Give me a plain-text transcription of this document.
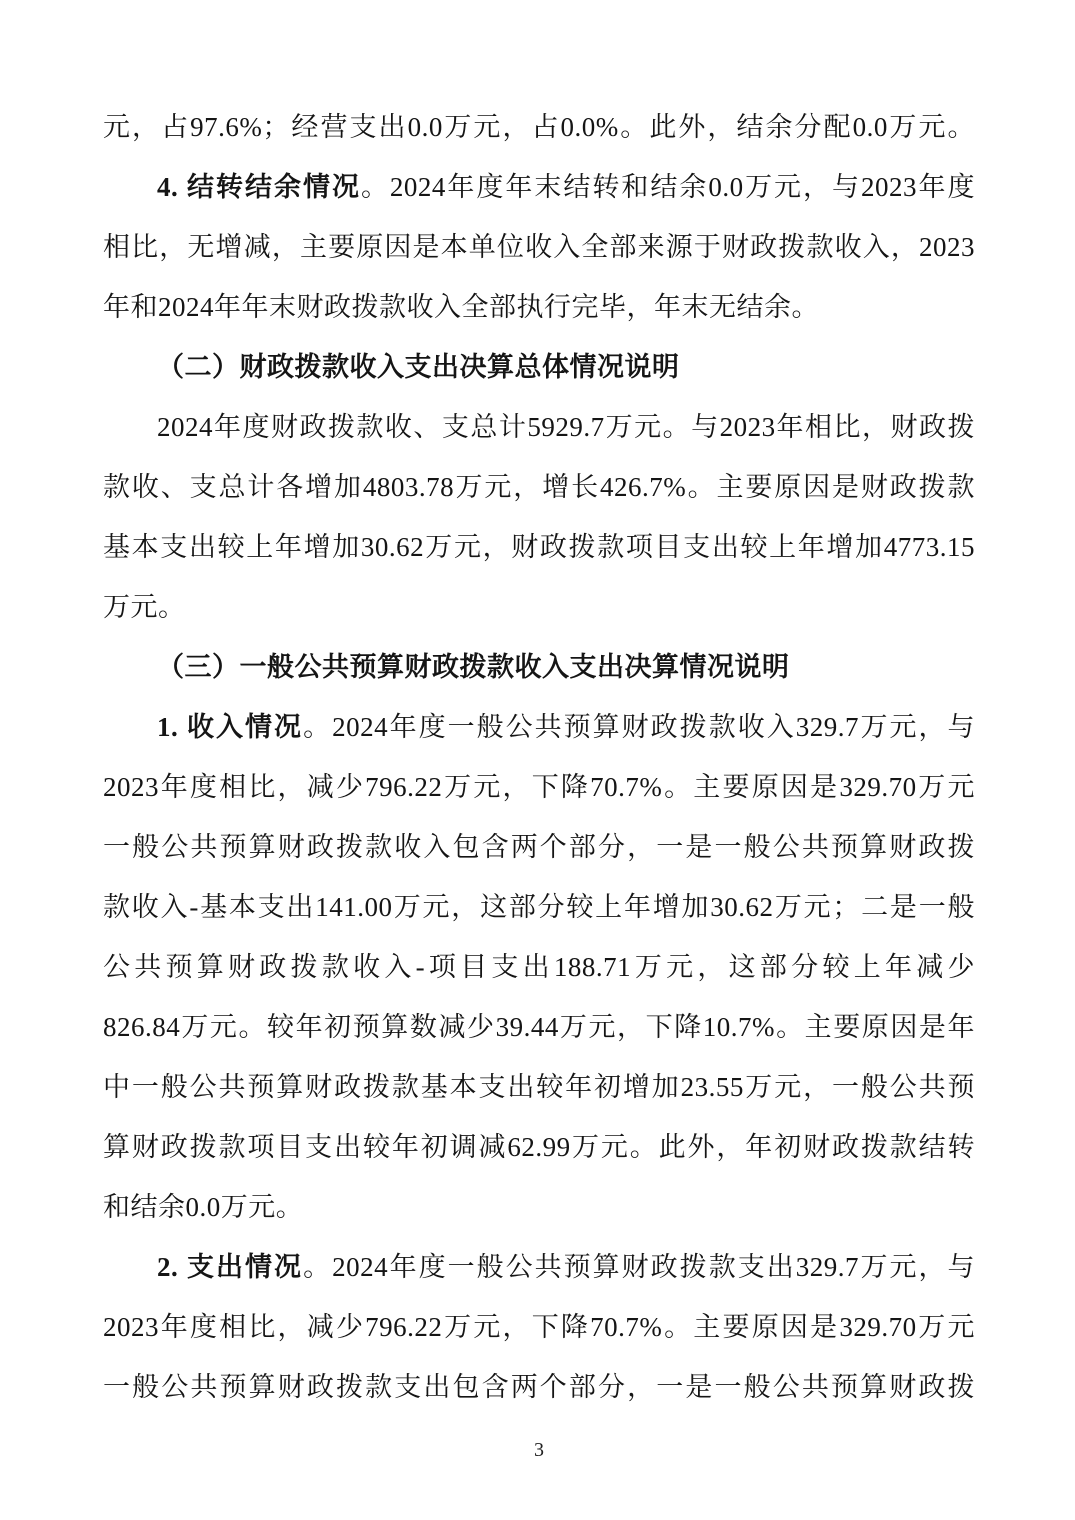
元，占97.6%；经营支出0.0万元，占0.0%。此外，结余分配0.0万元。
4. 结转结余情况。2024年度年末结转和结余0.0万元，与2023年度
相比，无增减，主要原因是本单位收入全部来源于财政拨款收入，2023
年和2024年年末财政拨款收入全部执行完毕，年末无结余。
（二）财政拨款收入支出决算总体情况说明
2024年度财政拨款收、支总计5929.7万元。与2023年相比，财政拨
款收、支总计各增加4803.78万元，增长426.7%。主要原因是财政拨款
基本支出较上年增加30.62万元，财政拨款项目支出较上年增加4773.15
万元。
（三）一般公共预算财政拨款收入支出决算情况说明
1. 收入情况。2024年度一般公共预算财政拨款收入329.7万元，与
2023年度相比，减少796.22万元，下降70.7%。主要原因是329.70万元
一般公共预算财政拨款收入包含两个部分，一是一般公共预算财政拨
款收入-基本支出141.00万元，这部分较上年增加30.62万元；二是一般
公共预算财政拨款收入-项目支出188.71万元，这部分较上年减少
826.84万元。较年初预算数减少39.44万元，下降10.7%。主要原因是年
中一般公共预算财政拨款基本支出较年初增加23.55万元，一般公共预
算财政拨款项目支出较年初调减62.99万元。此外，年初财政拨款结转
和结余0.0万元。
2. 支出情况。2024年度一般公共预算财政拨款支出329.7万元，与
2023年度相比，减少796.22万元，下降70.7%。主要原因是329.70万元
一般公共预算财政拨款支出包含两个部分，一是一般公共预算财政拨
3
